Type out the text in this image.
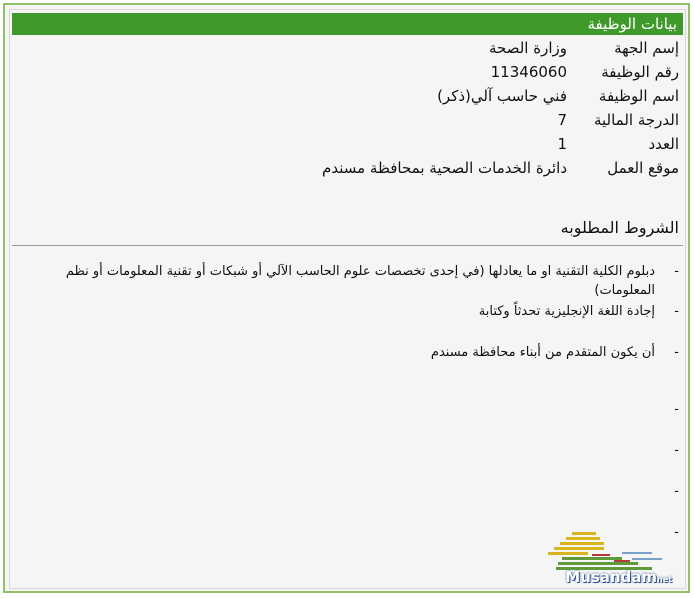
بيانات الوظيفة
إسم الجهة
وزارة الصحة
رقم الوظيفة
11346060
اسم الوظيفة
فني حاسب آلي(ذكر)
الدرجة المالية
7
العدد
1
موقع العمل
دائرة الخدمات الصحية بمحافظة مسندم
الشروط المطلوبه
-
دبلوم الكلية التقنية او ما يعادلها (في إحدى تخصصات علوم الحاسب الآلي أو شبكات أو تقنية المعلومات أو نظم المعلومات)
-
إجادة اللغة الإنجليزية تحدثاً وكتابة
-
أن يكون المتقدم من أبناء محافظة مسندم
-
-
-
-
Musandamnet
